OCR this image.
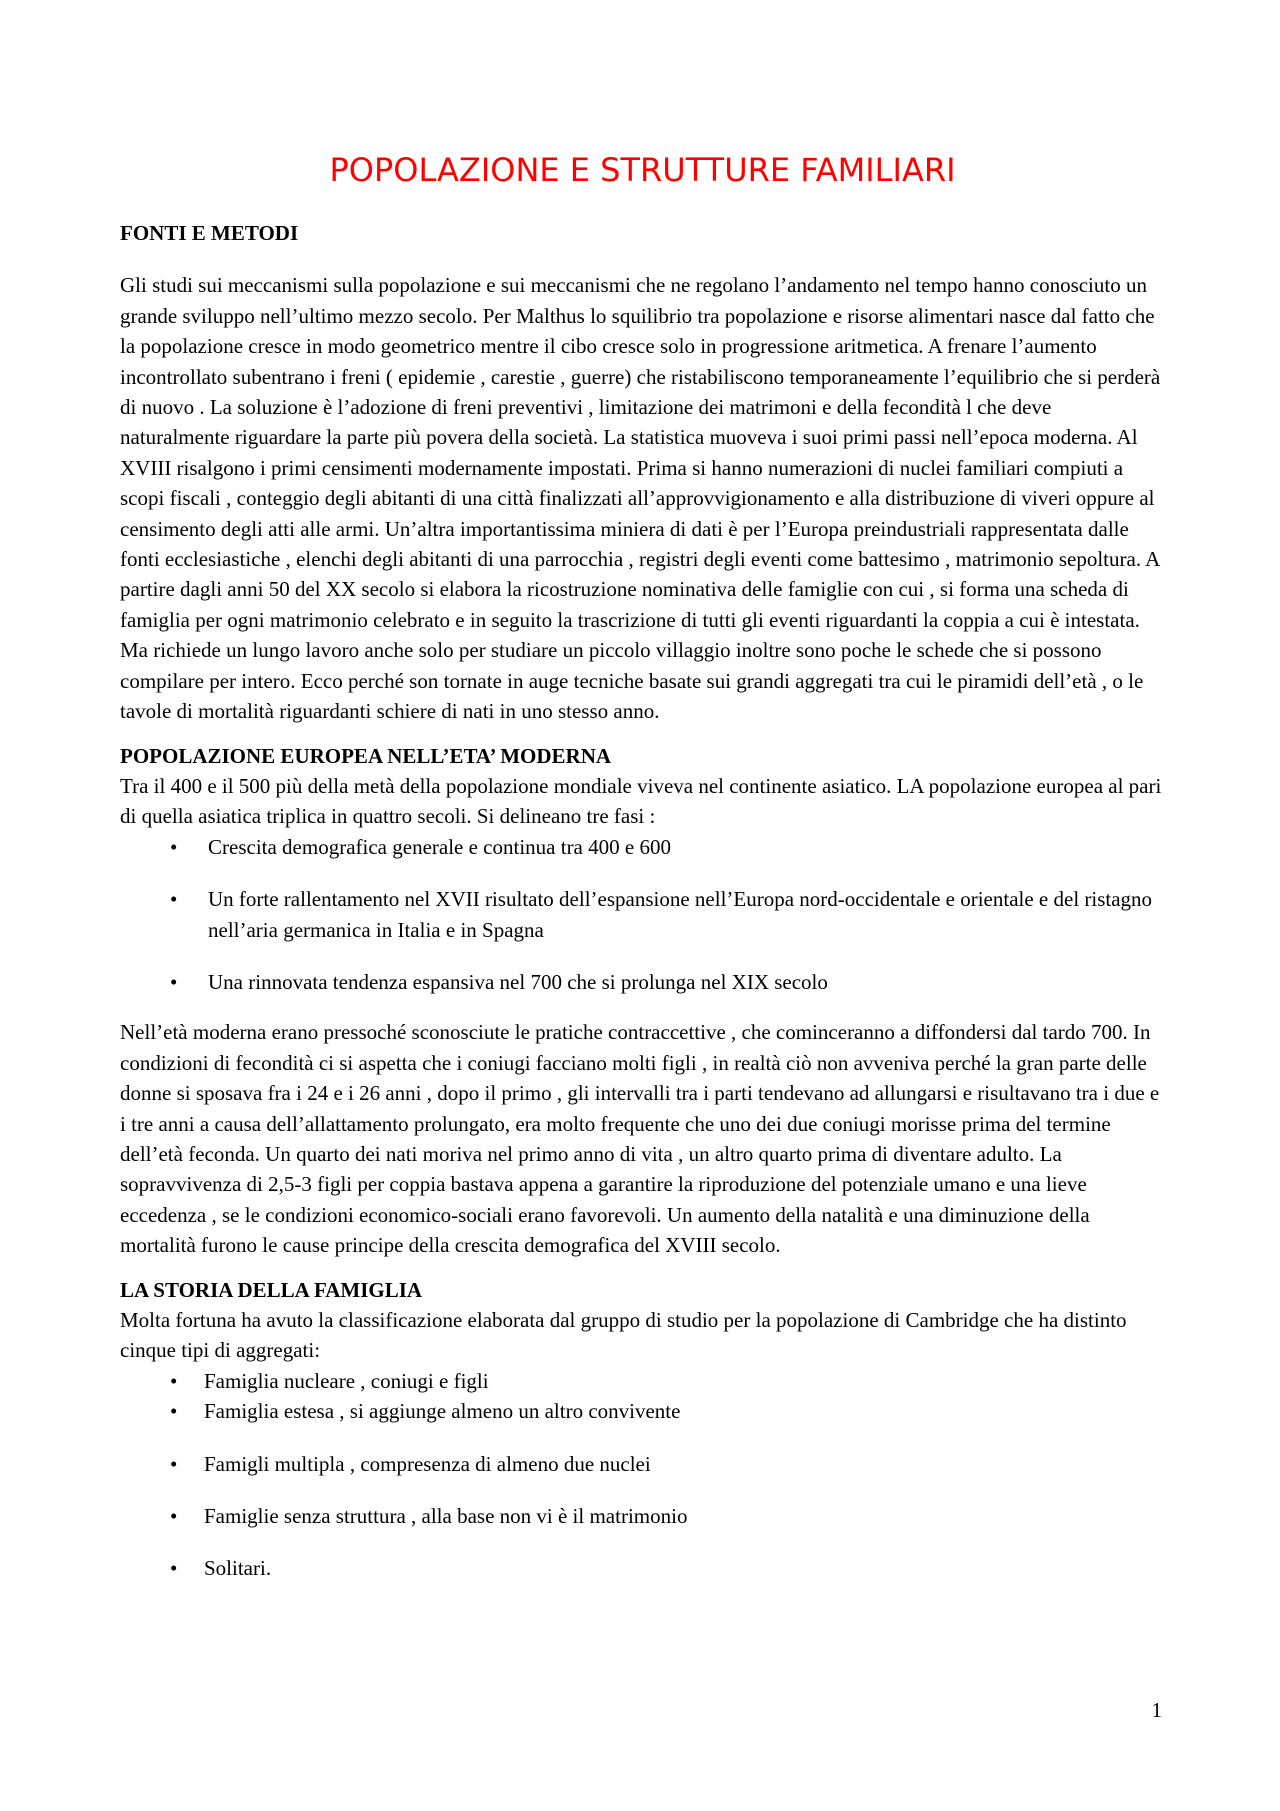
POPOLAZIONE E STRUTTURE FAMILIARI

FONTI E METODI

Gli studi sui meccanismi sulla popolazione e sui meccanismi che ne regolano l’andamento nel tempo hanno conosciuto un grande sviluppo nell’ultimo mezzo secolo. Per Malthus lo squilibrio tra popolazione e risorse alimentari nasce dal fatto che la popolazione cresce in modo geometrico mentre il cibo cresce solo in progressione aritmetica. A frenare l’aumento incontrollato subentrano i freni ( epidemie , carestie , guerre) che ristabiliscono temporaneamente l’equilibrio che si perderà di nuovo . La soluzione è l’adozione di freni preventivi , limitazione dei matrimoni e della fecondità l che deve naturalmente riguardare la parte più povera della società. La statistica muoveva i suoi primi passi nell’epoca moderna. Al XVIII risalgono i primi censimenti modernamente impostati. Prima si hanno numerazioni di nuclei familiari compiuti a scopi fiscali , conteggio degli abitanti di una città finalizzati all’approvvigionamento e alla distribuzione di viveri oppure al censimento degli atti alle armi. Un’altra importantissima miniera di dati è per l’Europa preindustriali rappresentata dalle fonti ecclesiastiche , elenchi degli abitanti di una parrocchia , registri degli eventi come battesimo , matrimonio sepoltura. A partire dagli anni 50 del XX secolo si elabora la ricostruzione nominativa delle famiglie con cui , si forma una scheda di famiglia per ogni matrimonio celebrato e in seguito la trascrizione di tutti gli eventi riguardanti la coppia a cui è intestata. Ma richiede un lungo lavoro anche solo per studiare un piccolo villaggio inoltre sono poche le schede che si possono compilare per intero. Ecco perché son tornate in auge tecniche basate sui grandi aggregati tra cui le piramidi dell’età , o le tavole di mortalità riguardanti schiere di nati in uno stesso anno.

POPOLAZIONE EUROPEA NELL’ETA’ MODERNA

Tra il 400 e il 500 più della metà della popolazione mondiale viveva nel continente asiatico. LA popolazione europea al pari di quella asiatica triplica in quattro secoli. Si delineano tre fasi :

• Crescita demografica generale e continua tra 400 e 600
• Un forte rallentamento nel XVII risultato dell’espansione nell’Europa nord-occidentale e orientale e del ristagno nell’aria germanica in Italia e in Spagna
• Una rinnovata tendenza espansiva nel 700 che si prolunga nel XIX secolo

Nell’età moderna erano pressoché sconosciute le pratiche contraccettive , che cominceranno a diffondersi dal tardo 700. In condizioni di fecondità ci si aspetta che i coniugi facciano molti figli , in realtà ciò non avveniva perché la gran parte delle donne si sposava fra i 24 e i 26 anni , dopo il primo , gli intervalli tra i parti tendevano ad allungarsi e risultavano tra i due e i tre anni a causa dell’allattamento prolungato, era molto frequente che uno dei due coniugi morisse prima del termine dell’età feconda. Un quarto dei nati moriva nel primo anno di vita , un altro quarto prima di diventare adulto. La sopravvivenza di 2,5-3 figli per coppia bastava appena a garantire la riproduzione del potenziale umano e una lieve eccedenza , se le condizioni economico-sociali erano favorevoli. Un aumento della natalità e una diminuzione della mortalità furono le cause principe della crescita demografica del XVIII secolo.

LA STORIA DELLA FAMIGLIA

Molta fortuna ha avuto la classificazione elaborata dal gruppo di studio per la popolazione di Cambridge che ha distinto cinque tipi di aggregati:

• Famiglia nucleare , coniugi e figli
• Famiglia estesa , si aggiunge almeno un altro convivente
• Famigli multipla , compresenza di almeno due nuclei
• Famiglie senza struttura , alla base non vi è il matrimonio
• Solitari.
1
